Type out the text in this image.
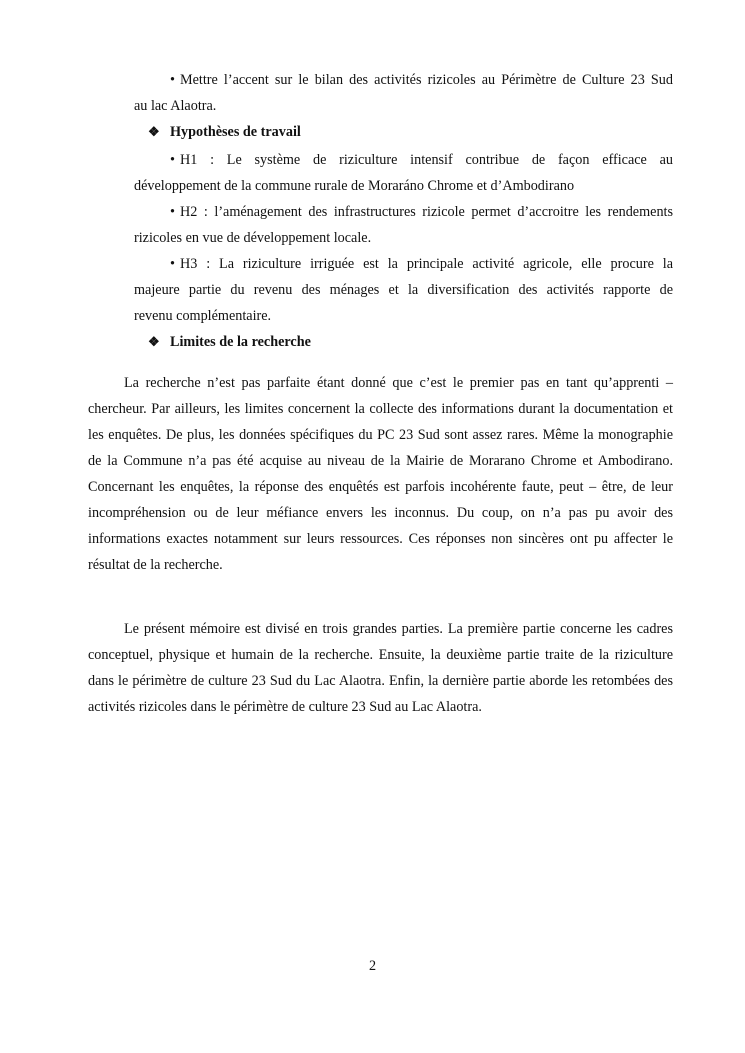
• Mettre l’accent sur le bilan des activités rizicoles au Périmètre de Culture 23 Sud
au lac Alaotra.
❖ Hypothèses de travail
• H1 : Le système de riziculture intensif contribue de façon efficace au
développement de la commune rurale de Moraráno Chrome et d’Ambodirano
• H2 : l’aménagement des infrastructures rizicole permet d’accroitre les rendements
rizicoles en vue de développement locale.
• H3 : La riziculture irriguée est la principale activité agricole, elle procure la
majeure partie du revenu des ménages et la diversification des activités rapporte de
revenu complémentaire.
❖ Limites de la recherche

La recherche n’est pas parfaite étant donné que c’est le premier pas en tant qu’apprenti – chercheur. Par ailleurs, les limites concernent la collecte des informations durant la documentation et les enquêtes. De plus, les données spécifiques du PC 23 Sud sont assez rares. Même la monographie de la Commune n’a pas été acquise au niveau de la Mairie de Morarano Chrome et Ambodirano. Concernant les enquêtes, la réponse des enquêtés est parfois incohérente faute, peut – être, de leur incompréhension ou de leur méfiance envers les inconnus. Du coup, on n’a pas pu avoir des informations exactes notamment sur leurs ressources. Ces réponses non sincères ont pu affecter le résultat de la recherche.

Le présent mémoire est divisé en trois grandes parties. La première partie concerne les cadres conceptuel, physique et humain de la recherche. Ensuite, la deuxième partie traite de la riziculture dans le périmètre de culture 23 Sud du Lac Alaotra. Enfin, la dernière partie aborde les retombées des activités rizicoles dans le périmètre de culture 23 Sud au Lac Alaotra.

2
